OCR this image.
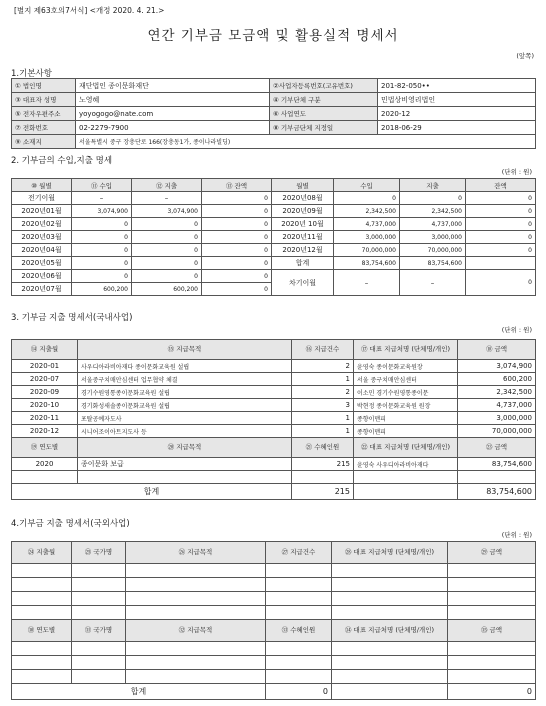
[별지 제63호의7서식] <개정 2020. 4. 21.>
연간 기부금 모금액 및 활용실적 명세서
(앞쪽)
1.기본사항
① 법인명	재단법인 종이문화재단	②사업자등록번호(고유번호)	201-82-050••
③ 대표자 성명	노영혜	④ 기부단체 구분	민법상비영리법인
⑤ 전자우편주소	yoyogogo@nate.com	⑥ 사업연도	2020-12
⑦ 전화번호	02-2279-7900	⑧ 기부금단체 지정일	2018-06-29
⑨ 소재지	서울특별시 중구 장충단로 166(장충동1가, 종이나라빌딩)		
2. 기부금의 수입,지출 명세
(단위 : 원)
⑩ 월별	⑪ 수입	⑫ 지출	⑬ 잔액	월별	수입	지출	잔액
전기이월	–	–	0	2020년08월	0	0	0
2020년01월	3,074,900	3,074,900	0	2020년09월	2,342,500	2,342,500	0
2020년02월	0	0	0	2020년 10월	4,737,000	4,737,000	0
2020년03월	0	0	0	2020년11월	3,000,000	3,000,000	0
2020년04월	0	0	0	2020년12월	70,000,000	70,000,000	0
2020년05월	0	0	0	합계	83,754,600	83,754,600	
2020년06월	0	0	0	차기이월	–	–	0
2020년07월	600,200	600,200	0				
3. 기부금 지출 명세서(국내사업)
(단위 : 원)
⑭ 지출월	⑮ 지급목적	⑯ 지급건수	⑰ 대표 지급처명 (단체명/개인)	⑱ 금액
2020-01	사우디아라비아재다 종이문화교육원 설립	2	윤영숙 종이문화교육원장	3,074,900
2020-07	서울중구치매안심센터 업무협약 체결	1	서울 중구치매안심센터	600,200
2020-09	경기수원영통종이문화교육원 설립	2	이소민 경기수원영통종이문	2,342,500
2020-10	경기화성새솔종이문화교육원 설립	3	박현정 종이문화교육원 원장	4,737,000
2020-11	포탈공예자도사	1	종향이맨피	3,000,000
2020-12	시니어조이아트지도사 등	1	종향이맨피	70,000,000
⑲ 연도별	⑳ 지급목적	㉑ 수혜인원	㉒ 대표 지급처명 (단체명/개인)	㉓ 금액
2020	종이문화 보급	215	윤영숙 사우디아라비아재다	83,754,600

합계		215		83,754,600
4.기부금 지출 명세서(국외사업)
(단위 : 원)
㉔ 지출월	㉕ 국가명	㉖ 지급목적	㉗ 지급건수	㉘ 대표 지급처명 (단체명/개인)	㉙ 금액

㉚ 연도별	㉛ 국가명	㉜ 지급목적	㉝ 수혜인원	㉞ 대표 지급처명 (단체명/개인)	㉟ 금액

합계			0		0
